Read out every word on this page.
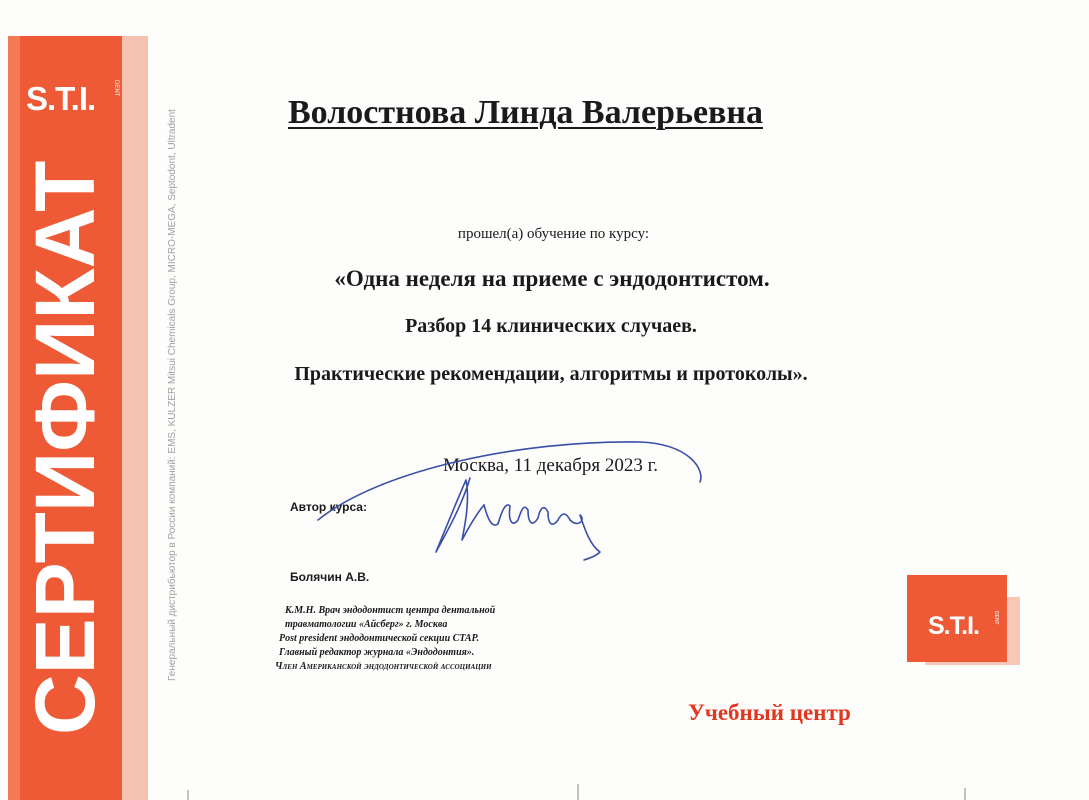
S.T.I.	DENT
СЕРТИФИКАТ	Генеральный дистрибьютор в России компаний: EMS, KULZER Mitsui Chemicals Group, MICRO-MEGA, Septodont, Ultradent	Волостнова Линда Валерьевна
прошел(а) обучение по курсу:
«Одна неделя на приеме с эндодонтистом.
Разбор 14 клинических случаев.
Практические рекомендации, алгоритмы и протоколы».
Москва, 11 декабря 2023 г.
Автор курса:
Болячин А.В.
К.М.Н. Врач эндодонтист центра дентальной
травматологии «Айсберг» г. Москва
Post president эндодонтической секции СТАР.
Главный редактор журнала «Эндодонтия».
Член Американской эндодонтической ассоциации
S.T.I.	DENT
Учебный центр
